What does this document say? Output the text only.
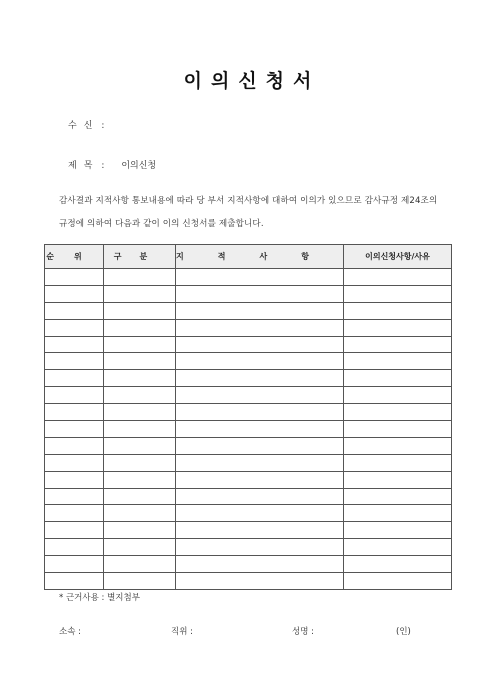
이의신청서
수신 :
제목 : 이의신청
감사결과 지적사항 통보내용에 따라 당 부서 지적사항에 대하여 이의가 있으므로 감사규정 제24조의
규정에 의하여 다음과 같이 이의 신청서를 제출합니다.
순위	구분	지적사항	이의신청사항/사유

* 근거사용 : 별지첨부
소속 :	직위 :	성명 :	(인)
